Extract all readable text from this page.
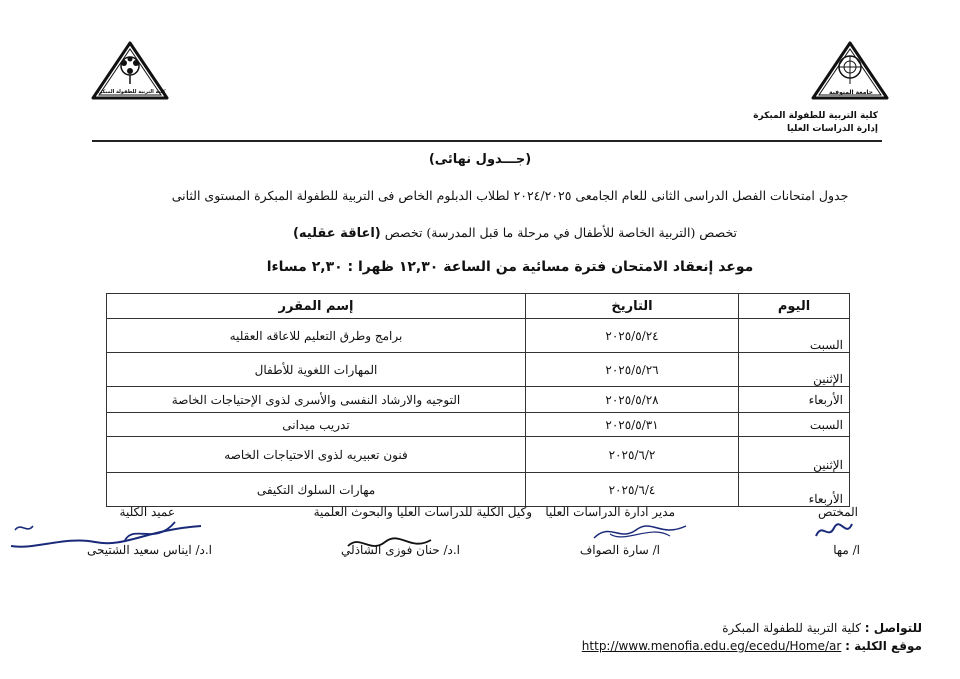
كلية التربية للطفولة المبكرة	جامعة المنوفية
كلية التربية للطفولة المبكرة
إدارة الدراسات العليا
(جـــدول نهائى)
جدول امتحانات الفصل الدراسى الثانى للعام الجامعى ٢٠٢٤/٢٠٢٥ لطلاب الدبلوم الخاص فى التربية للطفولة المبكرة المستوى الثانى
تخصص (التربية الخاصة للأطفال في مرحلة ما قبل المدرسة) تخصص (اعاقة عقليه)
موعد إنعقاد الامتحان فترة مسائية من الساعة ١٢,٣٠ ظهرا : ٢,٣٠ مساءا
اليوم	التاريخ	إسم المقرر
السبت	٢٠٢٥/٥/٢٤	برامج وطرق التعليم للاعاقه العقليه
الإثنين	٢٠٢٥/٥/٢٦	المهارات اللغوية للأطفال
الأربعاء	٢٠٢٥/٥/٢٨	التوجيه والارشاد النفسى والأسرى لذوى الإحتياجات الخاصة
السبت	٢٠٢٥/٥/٣١	تدريب ميدانى
الإثنين	٢٠٢٥/٦/٢	فنون تعبيريه لذوى الاحتياجات الخاصه
الأربعاء	٢٠٢٥/٦/٤	مهارات السلوك التكيفى
المختص
ا/ مها
مدير ادارة الدراسات العليا
ا/ سارة الصواف
وكيل الكلية للدراسات العليا والبحوث العلمية
ا.د/ حنان فوزى الشاذلي
عميد الكلية
ا.د/ ايناس سعيد الشتيحى
للتواصل : كلية التربية للطفولة المبكرة
موقع الكلية : http://www.menofia.edu.eg/ecedu/Home/ar
